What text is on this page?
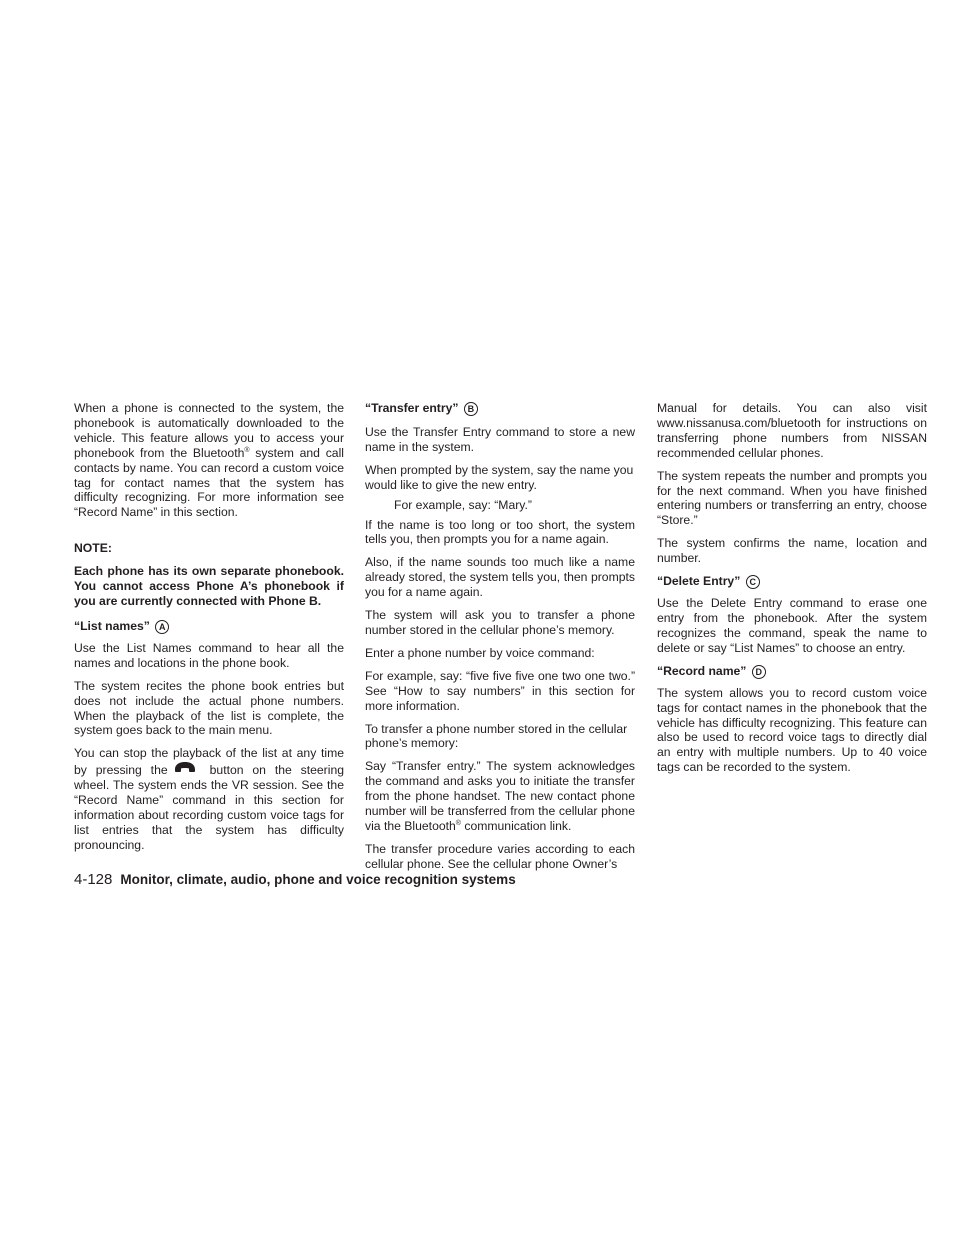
When a phone is connected to the system, the phonebook is automatically downloaded to the vehicle. This feature allows you to access your phonebook from the Bluetooth® system and call contacts by name. You can record a custom voice tag for contact names that the system has difficulty recognizing. For more information see “Record Name” in this section.

NOTE:

Each phone has its own separate phonebook. You cannot access Phone A’s phonebook if you are currently connected with Phone B.

“List names” A

Use the List Names command to hear all the names and locations in the phone book.

The system recites the phone book entries but does not include the actual phone numbers. When the playback of the list is complete, the system goes back to the main menu.

You can stop the playback of the list at any time by pressing the	button on the steering wheel. The system ends the VR session. See the “Record Name” command in this section for information about recording custom voice tags for list entries that the system has difficulty pronouncing.

“Transfer entry” B

Use the Transfer Entry command to store a new name in the system.

When prompted by the system, say the name you would like to give the new entry.

For example, say: “Mary.”

If the name is too long or too short, the system tells you, then prompts you for a name again.

Also, if the name sounds too much like a name already stored, the system tells you, then prompts you for a name again.

The system will ask you to transfer a phone number stored in the cellular phone’s memory.

Enter a phone number by voice command:

For example, say: “five five five one two one two.” See “How to say numbers” in this section for more information.

To transfer a phone number stored in the cellular phone’s memory:

Say “Transfer entry.” The system acknowledges the command and asks you to initiate the transfer from the phone handset. The new contact phone number will be transferred from the cellular phone via the Bluetooth® communication link.

The transfer procedure varies according to each cellular phone. See the cellular phone Owner’s

Manual for details. You can also visit www.nissanusa.com/bluetooth for instructions on transferring phone numbers from NISSAN recommended cellular phones.

The system repeats the number and prompts you for the next command. When you have finished entering numbers or transferring an entry, choose “Store.”

The system confirms the name, location and number.

“Delete Entry” C

Use the Delete Entry command to erase one entry from the phonebook. After the system recognizes the command, speak the name to delete or say “List Names” to choose an entry.

“Record name” D

The system allows you to record custom voice tags for contact names in the phonebook that the vehicle has difficulty recognizing. This feature can also be used to record voice tags to directly dial an entry with multiple numbers. Up to 40 voice tags can be recorded to the system.

4-128 Monitor, climate, audio, phone and voice recognition systems
